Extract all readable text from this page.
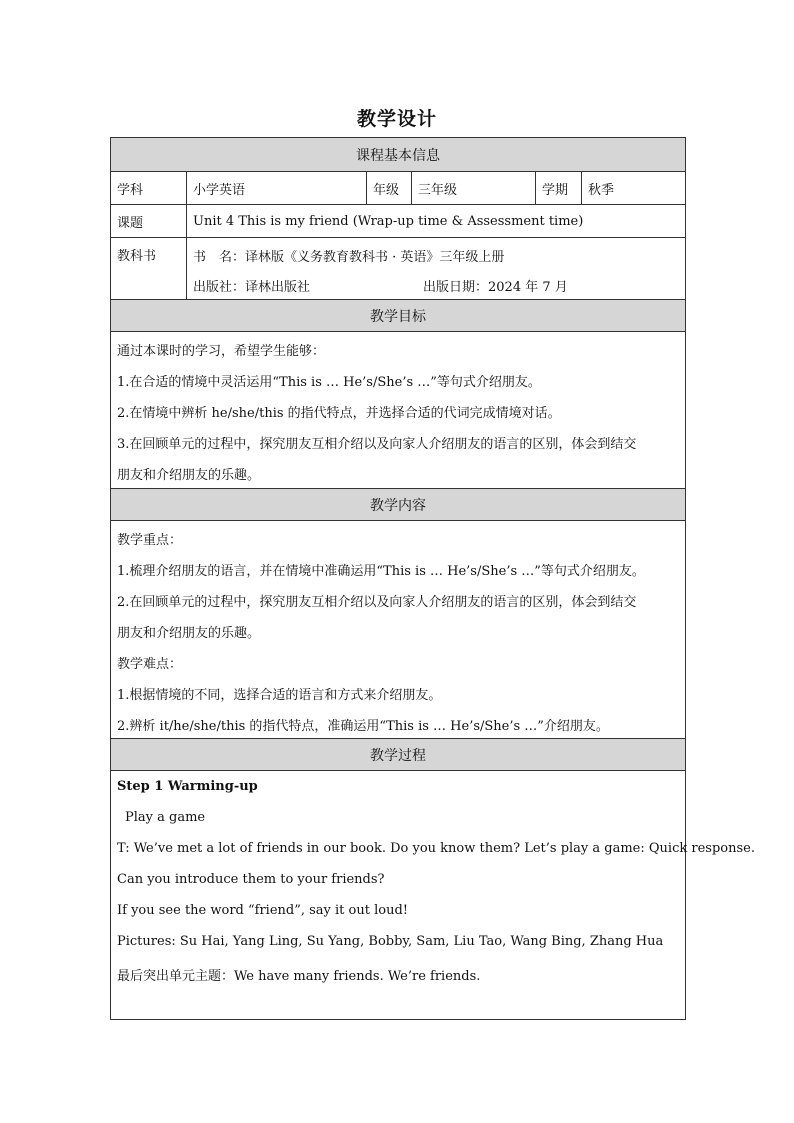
教学设计
课程基本信息
学科	小学英语	年级	三年级	学期	秋季
课题	Unit 4 This is my friend (Wrap-up time & Assessment time)
教科书	书　名：译林版《义务教育教科书 · 英语》三年级上册
出版社：译林出版社	出版日期：2024 年 7 月
教学目标
通过本课时的学习，希望学生能够：
1.在合适的情境中灵活运用“This is … He’s/She’s …”等句式介绍朋友。
2.在情境中辨析 he/she/this 的指代特点，并选择合适的代词完成情境对话。
3.在回顾单元的过程中，探究朋友互相介绍以及向家人介绍朋友的语言的区别，体会到结交
朋友和介绍朋友的乐趣。
教学内容
教学重点：
1.梳理介绍朋友的语言，并在情境中准确运用“This is … He’s/She’s …”等句式介绍朋友。
2.在回顾单元的过程中，探究朋友互相介绍以及向家人介绍朋友的语言的区别，体会到结交
朋友和介绍朋友的乐趣。
教学难点：
1.根据情境的不同，选择合适的语言和方式来介绍朋友。
2.辨析 it/he/she/this 的指代特点，准确运用“This is … He’s/She’s …”介绍朋友。
教学过程
Step 1 Warming-up
Play a game
T: We’ve met a lot of friends in our book. Do you know them? Let’s play a game: Quick response.
Can you introduce them to your friends?
If you see the word “friend”, say it out loud!
Pictures: Su Hai, Yang Ling, Su Yang, Bobby, Sam, Liu Tao, Wang Bing, Zhang Hua
最后突出单元主题：We have many friends. We’re friends.
